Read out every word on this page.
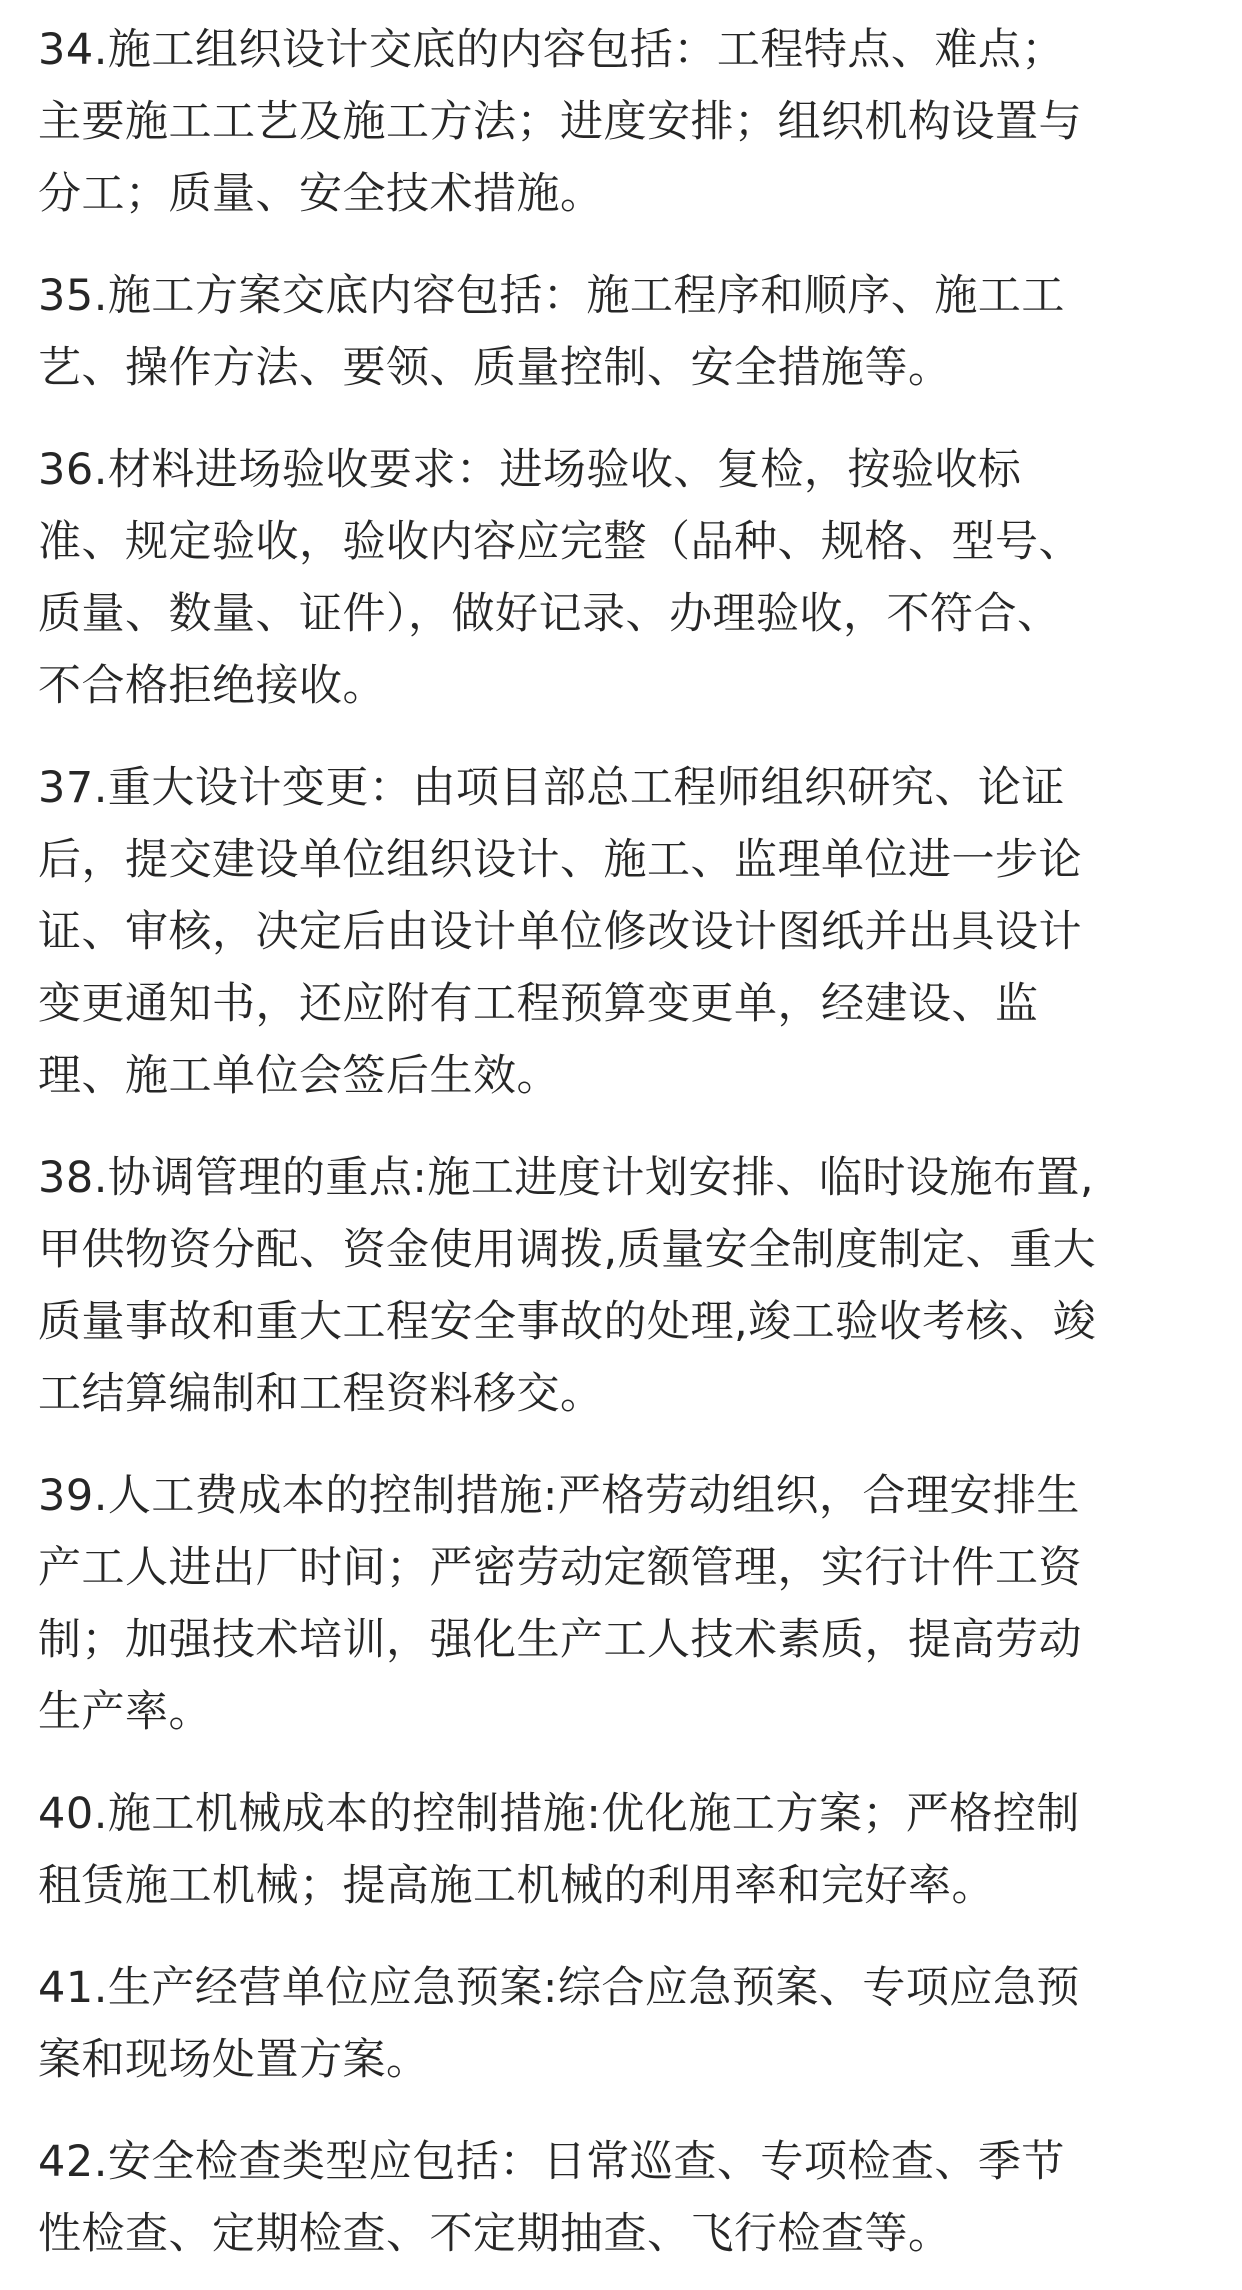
34.施工组织设计交底的内容包括：工程特点、难点；
主要施工工艺及施工方法；进度安排；组织机构设置与
分工；质量、安全技术措施。

35.施工方案交底内容包括：施工程序和顺序、施工工
艺、操作方法、要领、质量控制、安全措施等。

36.材料进场验收要求：进场验收、复检，按验收标
准、规定验收，验收内容应完整（品种、规格、型号、
质量、数量、证件），做好记录、办理验收，不符合、
不合格拒绝接收。

37.重大设计变更：由项目部总工程师组织研究、论证
后，提交建设单位组织设计、施工、监理单位进一步论
证、审核，决定后由设计单位修改设计图纸并出具设计
变更通知书，还应附有工程预算变更单，经建设、监
理、施工单位会签后生效。

38.协调管理的重点:施工进度计划安排、临时设施布置,
甲供物资分配、资金使用调拨,质量安全制度制定、重大
质量事故和重大工程安全事故的处理,竣工验收考核、竣
工结算编制和工程资料移交。

39.人工费成本的控制措施:严格劳动组织，合理安排生
产工人进出厂时间；严密劳动定额管理，实行计件工资
制；加强技术培训，强化生产工人技术素质，提高劳动
生产率。

40.施工机械成本的控制措施:优化施工方案；严格控制
租赁施工机械；提高施工机械的利用率和完好率。

41.生产经营单位应急预案:综合应急预案、专项应急预
案和现场处置方案。

42.安全检查类型应包括：日常巡查、专项检查、季节
性检查、定期检查、不定期抽查、飞行检查等。
